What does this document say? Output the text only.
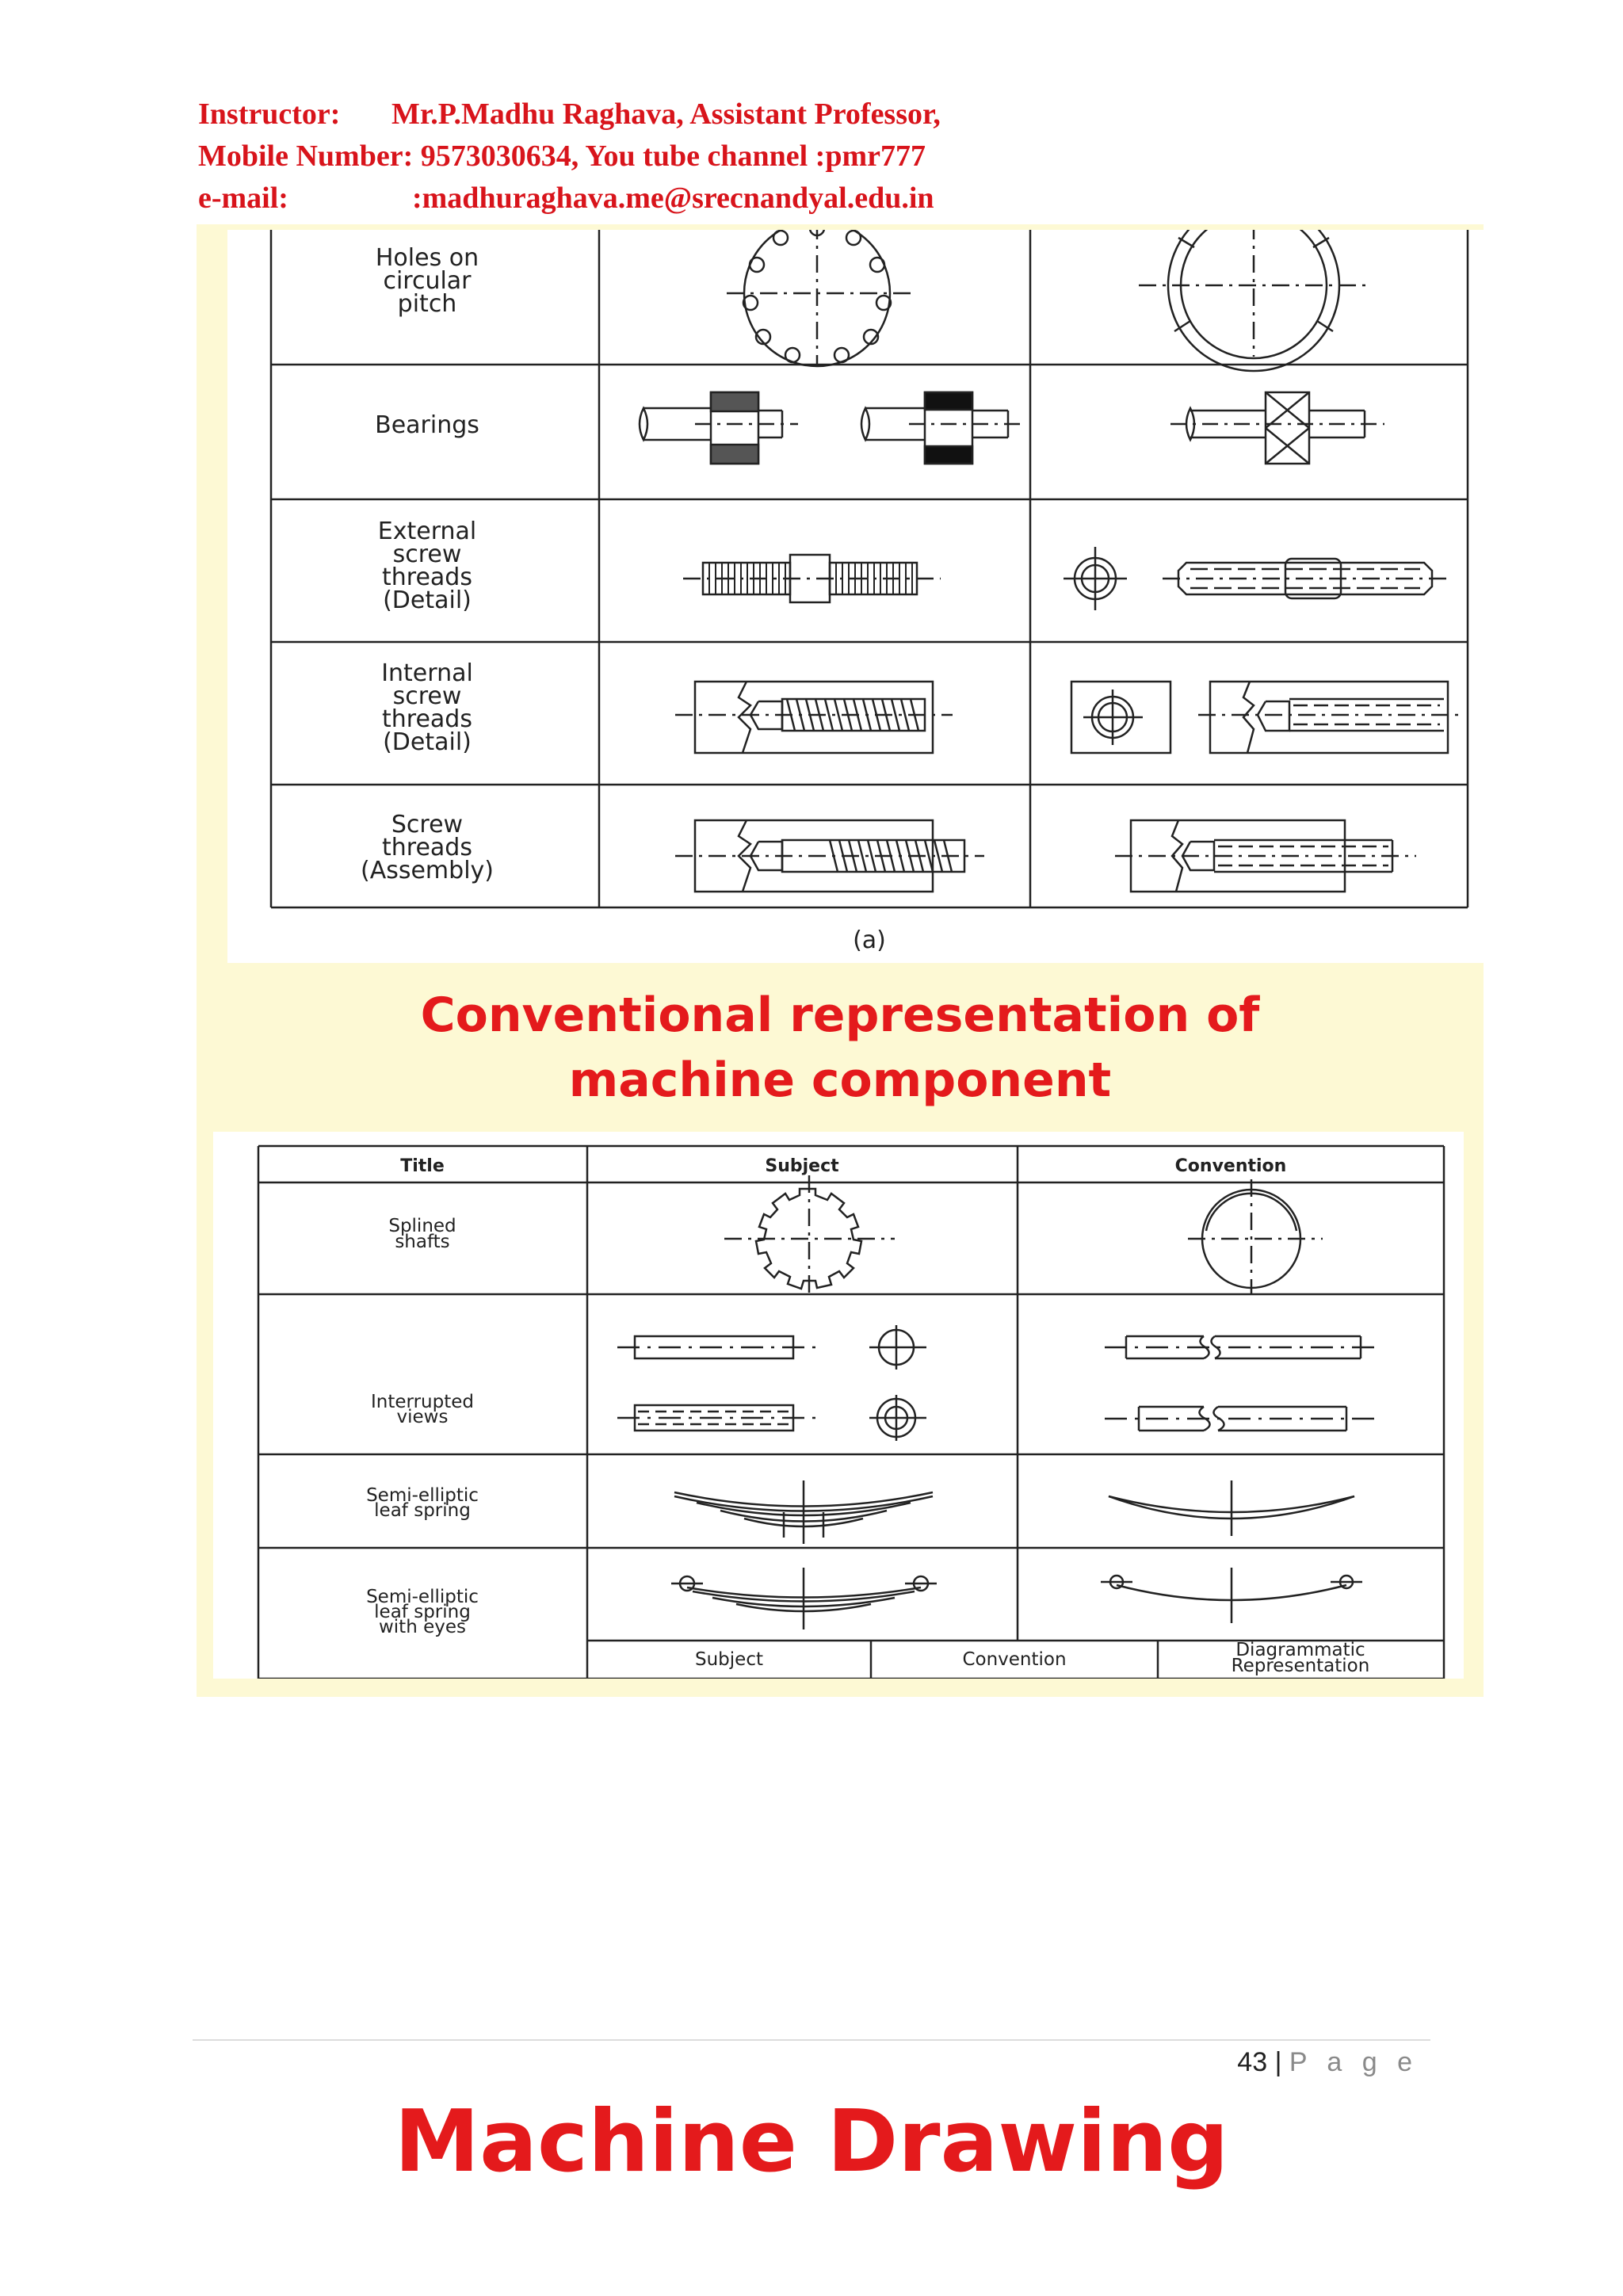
Instructor: Mr.P.Madhu Raghava, Assistant Professor,
Mobile Number: 9573030634, You tube channel :pmr777
e-mail:	:madhuraghava.me@srecnandyal.edu.in
Holes on
circular
pitch
Bearings
External
screw
threads
(Detail)
Internal
screw
threads
(Detail)
Screw
threads
(Assembly)
(a)
Conventional representation of
machine component
Title	Subject	Convention
Splined
shafts
Interrupted
views
Semi-elliptic
leaf spring
Semi-elliptic
leaf spring
with eyes
Subject	Convention	Diagrammatic
Representation
43 | P a g e
Machine Drawing
